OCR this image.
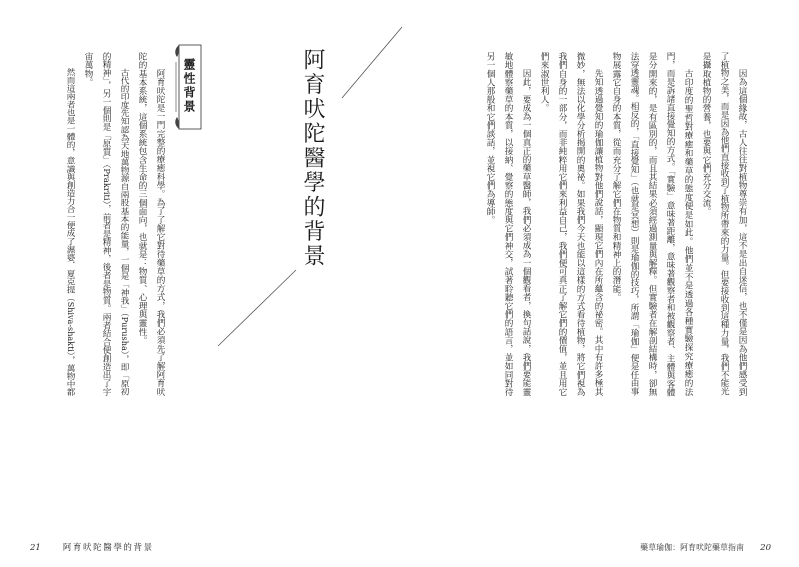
阿育吠陀醫學的背景
靈性背景
阿育吠陀是一門完整的療癒科學。為了了解它對待藥草的方式，我們必須先了解阿育吠
陀的基本系統，這個系統包含生命的三個面向，也就是：物質、心理與靈性。
古代的印度先知認為天地萬物源自兩股基本的能量，一個是「神我」（Purusha），即「原初
的精神」，另一個則是「原質」（Prakriti），前者是精神，後者是物質。兩者結合便創造出了宇
宙萬物。
然而這兩者也是一體的，意識與創造力合一便成了濕婆．夏克提（Shiva-shakti），萬物中都
21	阿育吠陀醫學的背景
因為這個緣故，古人往往對植物尊崇有加，這不是出自迷信，也不僅是因為他們感受到
了植物之美，而是因為他們直接收到了植物所帶來的力量。但要接收到這種力量，我們不能光
是攝取植物的營養，也要與它們充分交流。
古印度的聖哲對療癒和藥草的態度便是如此。他們並不是透過各種實驗探究療癒的法
門，而是訴諸直接覺知的方式。「實驗」意味著距離，意味著觀察者和被觀察者、主體與客體
是分開來的，是有區別的，而且其結果必須經過測量與解釋。但實驗者在解剖結構時，卻無
法穿透靈魂。相反的，「直接覺知」（也就是冥想）則是瑜伽的技巧，所謂「瑜伽」便是任由事
物展露它自身的本質，從而充分了解它們在物質和精神上的潛能。
先知透過覺知的瑜伽讓植物對他們說話，顯現它們內在所蘊含的祕密。其中有許多極其
微妙，無法以化學分析揭開的奧祕。如果我們今天也能以這樣的方式看待植物，將它們視為
我們自身的一部分，而非純粹用它們來利益自己，我們便可真正了解它們的價值，並且用它
們來淑世利人。
因此，要成為一個真正的藥草醫師，我們必須成為一個觀看者，換句話說，我們要能靈
敏地體察藥草的本質，以接納、覺察的態度與它們神交，試著聆聽它們的語言，並如同對待
另一個人那般和它們談話，並視它們為導師。
藥草瑜伽：阿育吠陀藥草指南 20
